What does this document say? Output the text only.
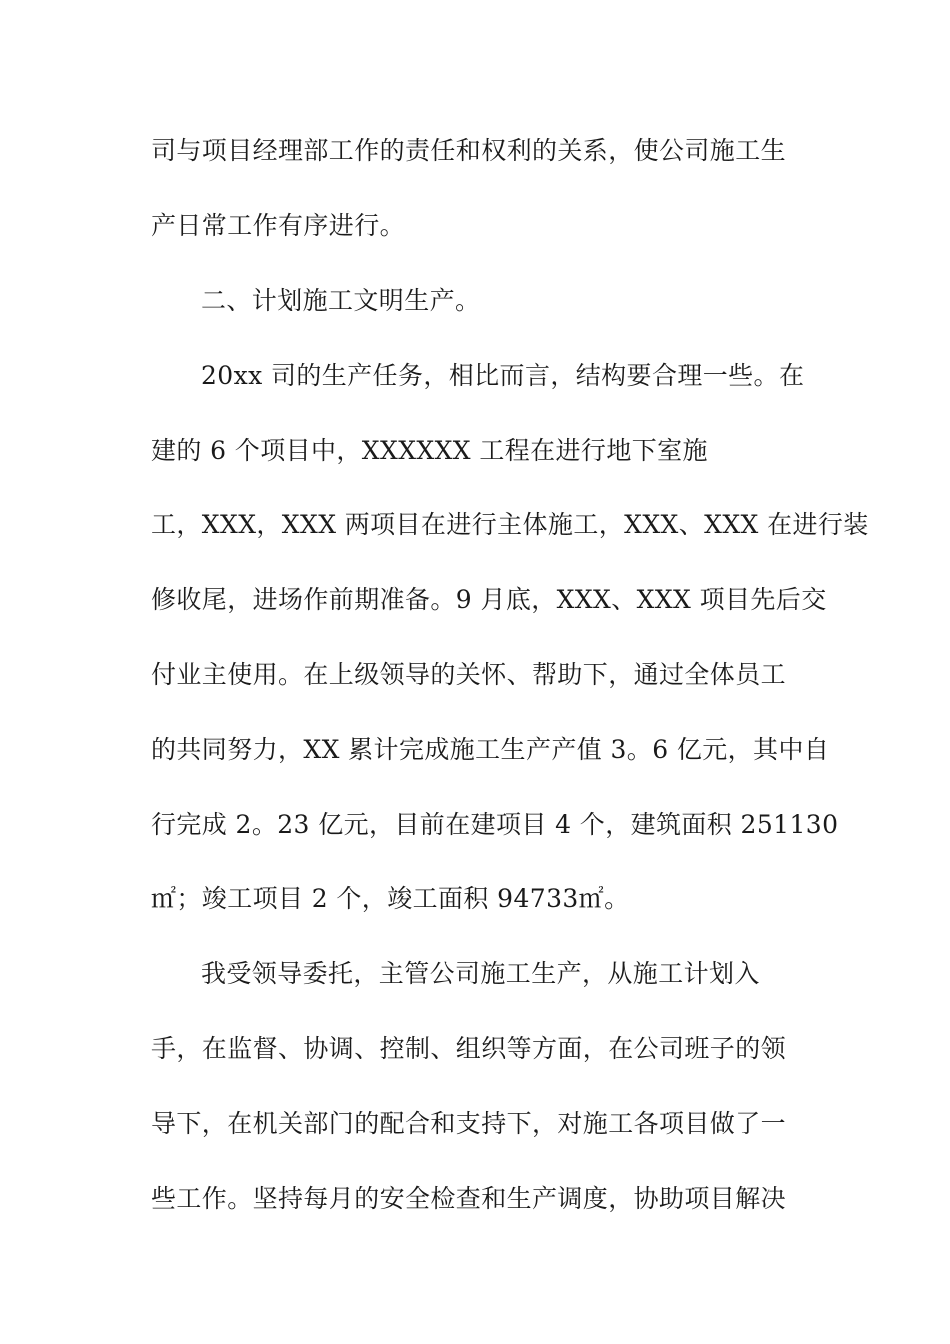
司与项目经理部工作的责任和权利的关系，使公司施工生
产日常工作有序进行。
二、计划施工文明生产。
20xx 司的生产任务，相比而言，结构要合理一些。在
建的 6 个项目中，XXXXXX 工程在进行地下室施
工，XXX，XXX 两项目在进行主体施工，XXX、XXX 在进行装
修收尾，进场作前期准备。9 月底，XXX、XXX 项目先后交
付业主使用。在上级领导的关怀、帮助下，通过全体员工
的共同努力，XX 累计完成施工生产产值 3。6 亿元，其中自
行完成 2。23 亿元，目前在建项目 4 个，建筑面积 251130
㎡；竣工项目 2 个，竣工面积 94733㎡。
我受领导委托，主管公司施工生产，从施工计划入
手，在监督、协调、控制、组织等方面，在公司班子的领
导下，在机关部门的配合和支持下，对施工各项目做了一
些工作。坚持每月的安全检查和生产调度，协助项目解决
